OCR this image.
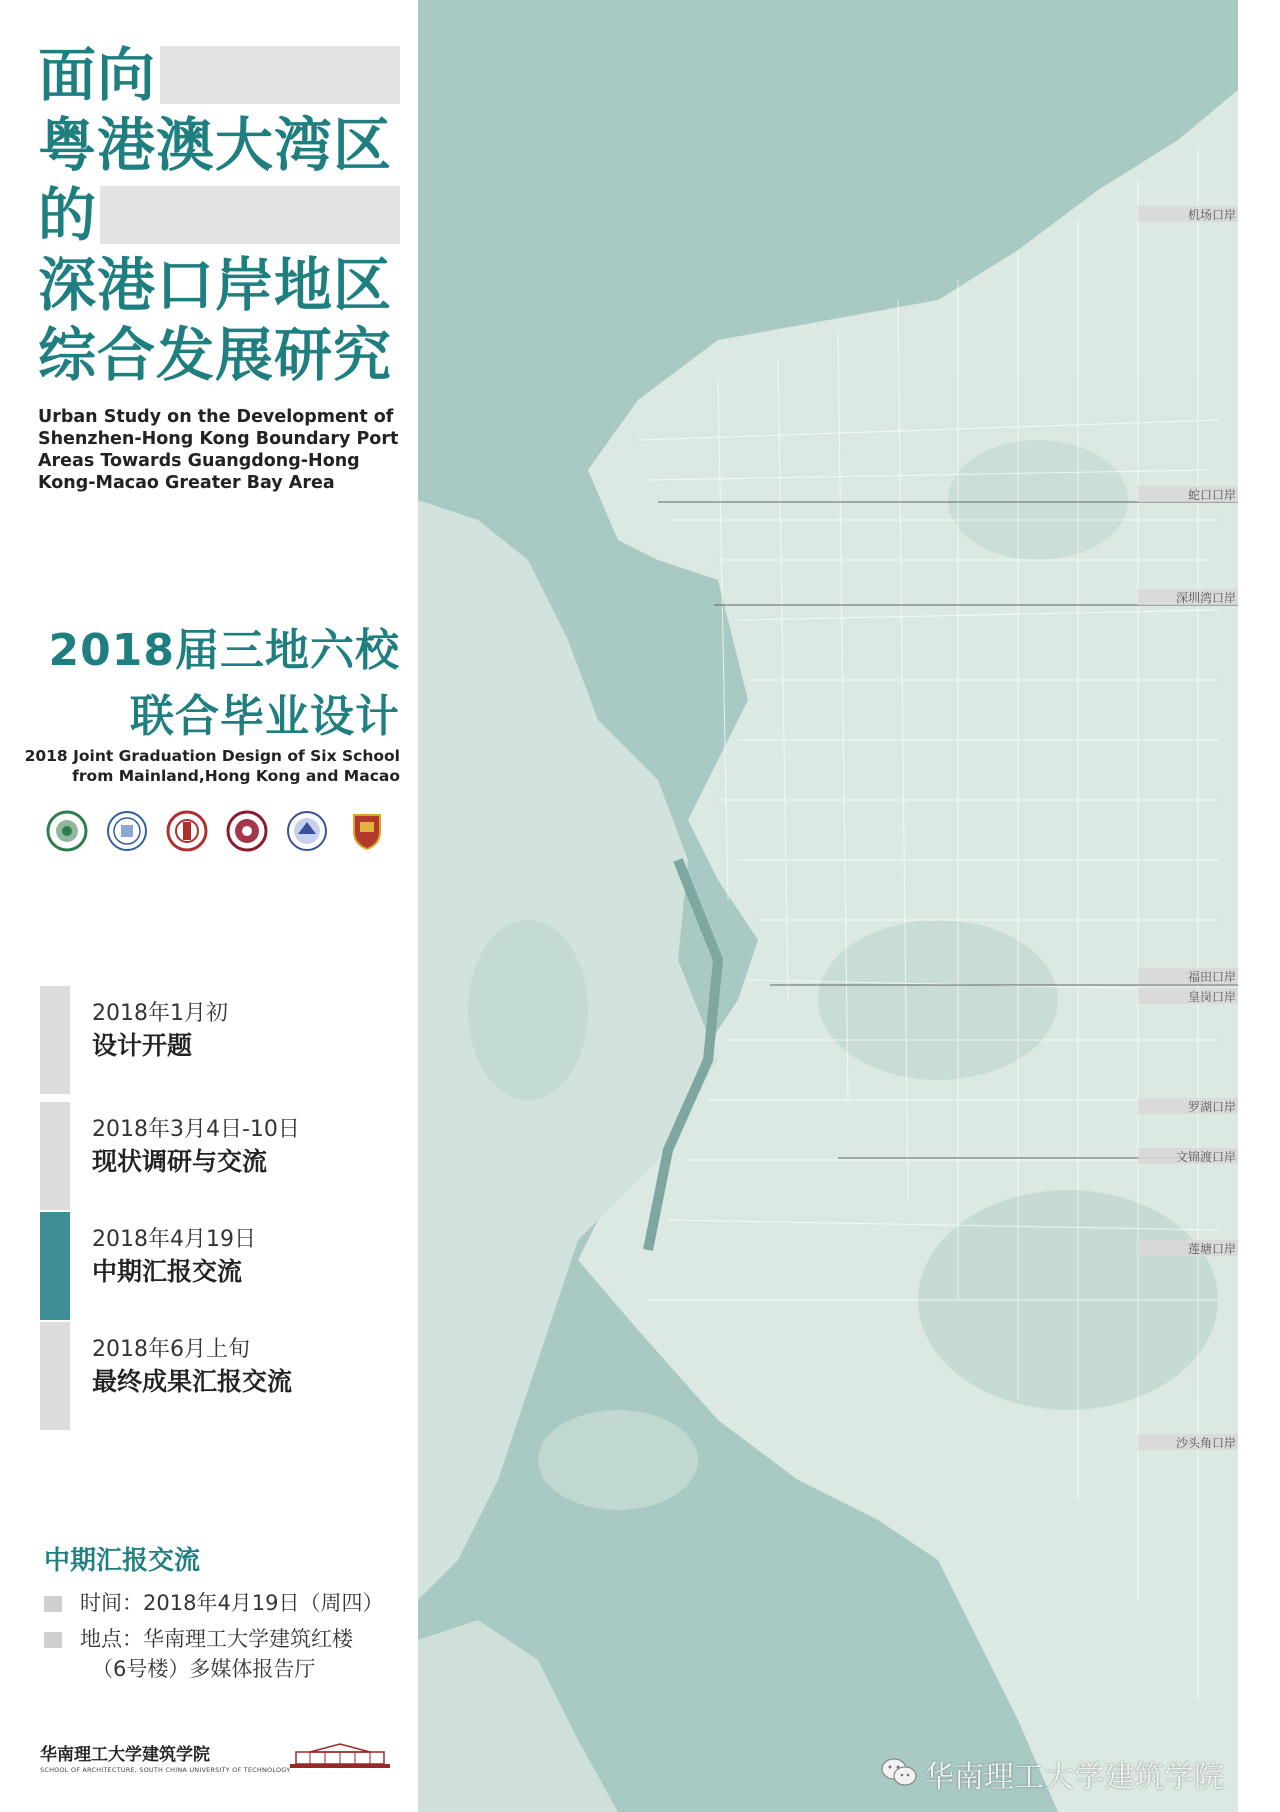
面向
粤港澳大湾区
的
深港口岸地区
综合发展研究
Urban Study on the Development of
Shenzhen-Hong Kong Boundary Port
Areas Towards Guangdong-Hong
Kong-Macao Greater Bay Area
2018届三地六校
联合毕业设计
2018 Joint Graduation Design of Six School
from Mainland,Hong Kong and Macao
2018年1月初
设计开题
2018年3月4日-10日
现状调研与交流
2018年4月19日
中期汇报交流
2018年6月上旬
最终成果汇报交流
中期汇报交流
时间：2018年4月19日（周四）
地点：华南理工大学建筑红楼
（6号楼）多媒体报告厅
华南理工大学建筑学院
SCHOOL OF ARCHITECTURE, SOUTH CHINA UNIVERSITY OF TECHNOLOGY
机场口岸
蛇口口岸
深圳湾口岸
福田口岸
皇岗口岸
罗湖口岸
文锦渡口岸
莲塘口岸
沙头角口岸
华南理工大学建筑学院
